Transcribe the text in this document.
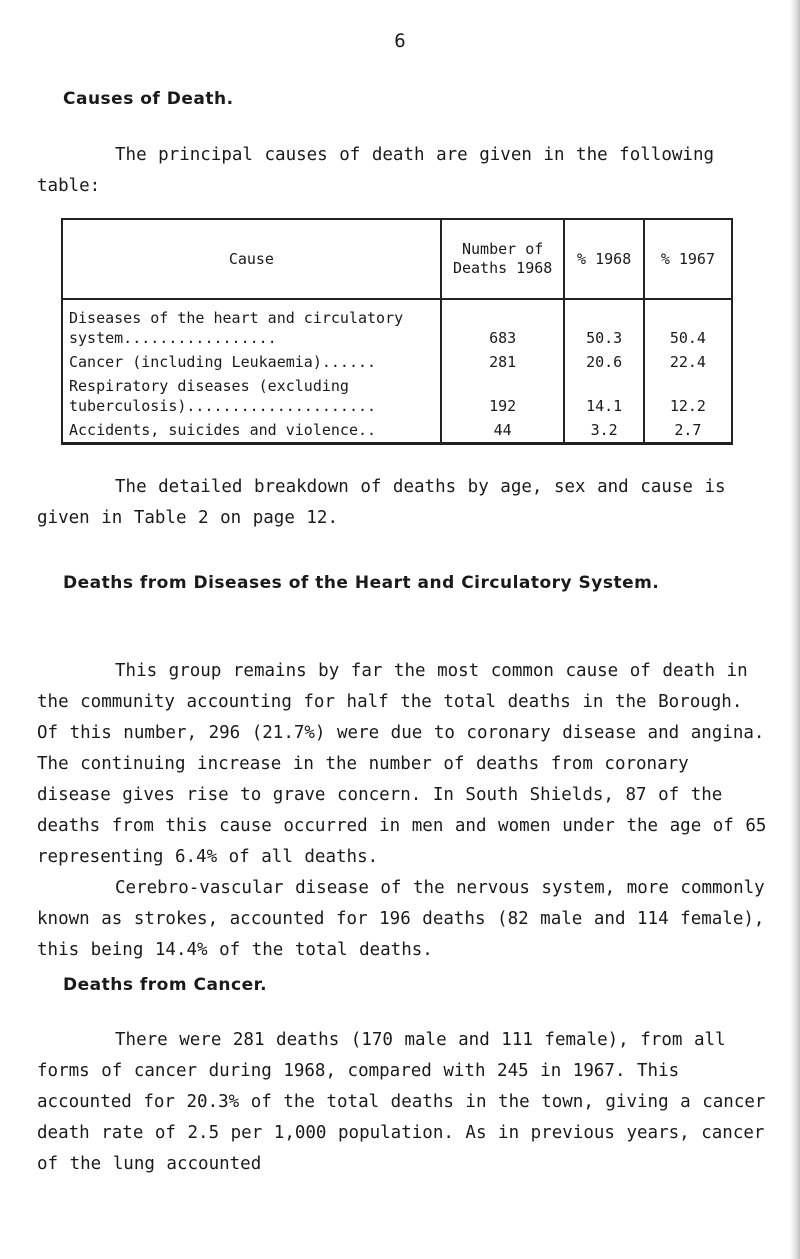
6
Causes of Death.
The principal causes of death are given in the following table:
Cause	Number of Deaths 1968	% 1968	% 1967
Diseases of the heart and circulatory system.................	683	50.3	50.4
Cancer (including Leukaemia)......	281	20.6	22.4
Respiratory diseases (excluding tuberculosis).....................	192	14.1	12.2
Accidents, suicides and violence..	44	3.2	2.7
The detailed breakdown of deaths by age, sex and cause is given in Table 2 on page 12.
Deaths from Diseases of the Heart and Circulatory System.
This group remains by far the most common cause of death in the community accounting for half the total deaths in the Borough. Of this number, 296 (21.7%) were due to coronary disease and angina. The continuing increase in the number of deaths from coronary disease gives rise to grave concern. In South Shields, 87 of the deaths from this cause occurred in men and women under the age of 65 representing 6.4% of all deaths.
Cerebro-vascular disease of the nervous system, more commonly known as strokes, accounted for 196 deaths (82 male and 114 female), this being 14.4% of the total deaths.
Deaths from Cancer.
There were 281 deaths (170 male and 111 female), from all forms of cancer during 1968, compared with 245 in 1967. This accounted for 20.3% of the total deaths in the town, giving a cancer death rate of 2.5 per 1,000 population. As in previous years, cancer of the lung accounted
